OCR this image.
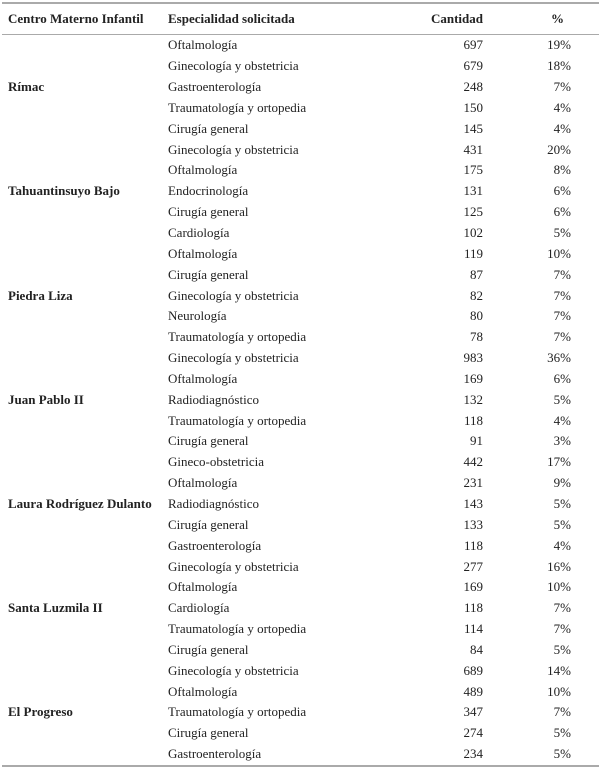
Centro Materno Infantil	Especialidad solicitada	Cantidad	%
Rímac	Oftalmología	697	19%
	Ginecología y obstetricia	679	18%
	Gastroenterología	248	7%
	Traumatología y ortopedia	150	4%
	Cirugía general	145	4%
Tahuantinsuyo Bajo	Ginecología y obstetricia	431	20%
	Oftalmología	175	8%
	Endocrinología	131	6%
	Cirugía general	125	6%
	Cardiología	102	5%
Piedra Liza	Oftalmología	119	10%
	Cirugía general	87	7%
	Ginecología y obstetricia	82	7%
	Neurología	80	7%
	Traumatología y ortopedia	78	7%
Juan Pablo II	Ginecología y obstetricia	983	36%
	Oftalmología	169	6%
	Radiodiagnóstico	132	5%
	Traumatología y ortopedia	118	4%
	Cirugía general	91	3%
Laura Rodríguez Dulanto	Gineco-obstetricia	442	17%
	Oftalmología	231	9%
	Radiodiagnóstico	143	5%
	Cirugía general	133	5%
	Gastroenterología	118	4%
Santa Luzmila II	Ginecología y obstetricia	277	16%
	Oftalmología	169	10%
	Cardiología	118	7%
	Traumatología y ortopedia	114	7%
	Cirugía general	84	5%
El Progreso	Ginecología y obstetricia	689	14%
	Oftalmología	489	10%
	Traumatología y ortopedia	347	7%
	Cirugía general	274	5%
	Gastroenterología	234	5%
